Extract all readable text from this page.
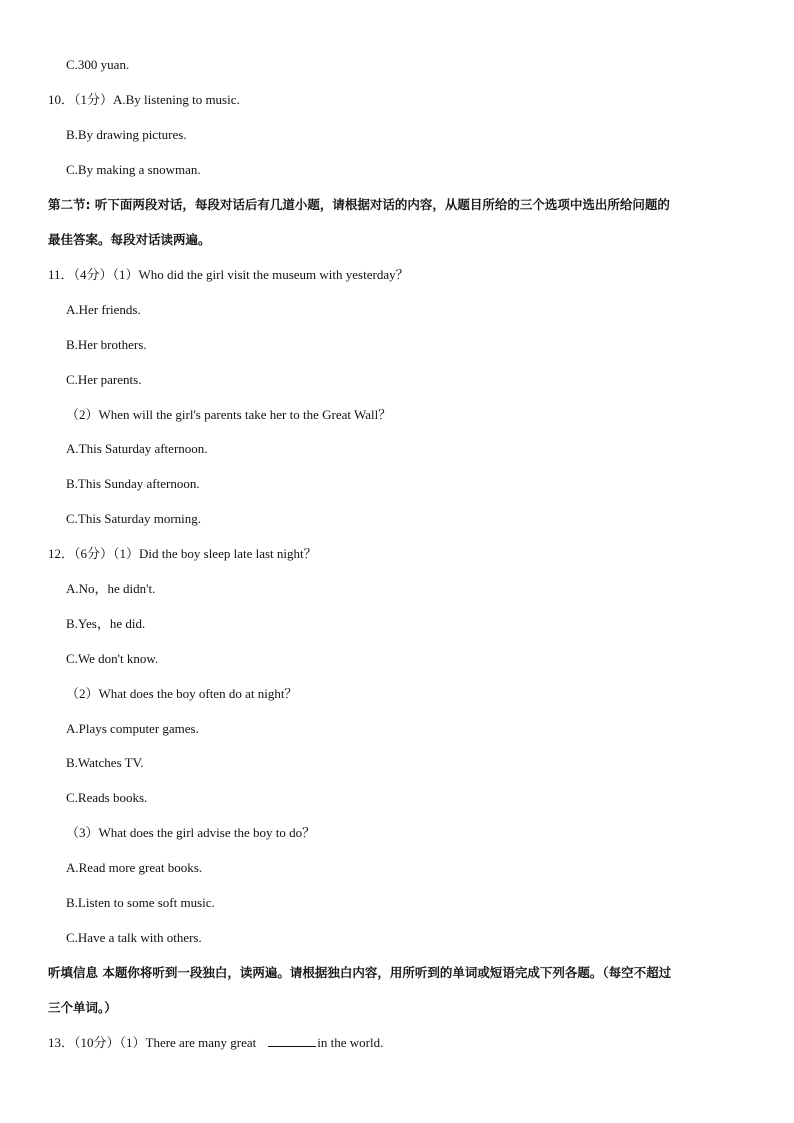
C.300 yuan.
10．（1分）A.By listening to music.
B.By drawing pictures.
C.By making a snowman.
第二节: 听下面两段对话，每段对话后有几道小题，请根据对话的内容，从题目所给的三个选项中选出所给问题的
最佳答案。每段对话读两遍。
11．（4分）（1）Who did the girl visit the museum with yesterday？
A.Her friends.
B.Her brothers.
C.Her parents.
（2）When will the girl's parents take her to the Great Wall？
A.This Saturday afternoon.
B.This Sunday afternoon.
C.This Saturday morning.
12．（6分）（1）Did the boy sleep late last night？
A.No，he didn't.
B.Yes，he did.
C.We don't know.
（2）What does the boy often do at night？
A.Plays computer games.
B.Watches TV.
C.Reads books.
（3）What does the girl advise the boy to do？
A.Read more great books.
B.Listen to some soft music.
C.Have a talk with others.
听填信息 本题你将听到一段独白，读两遍。请根据独白内容，用所听到的单词或短语完成下列各题。（每空不超过
三个单词。）
13．（10分）（1）There are many great	in the world.
